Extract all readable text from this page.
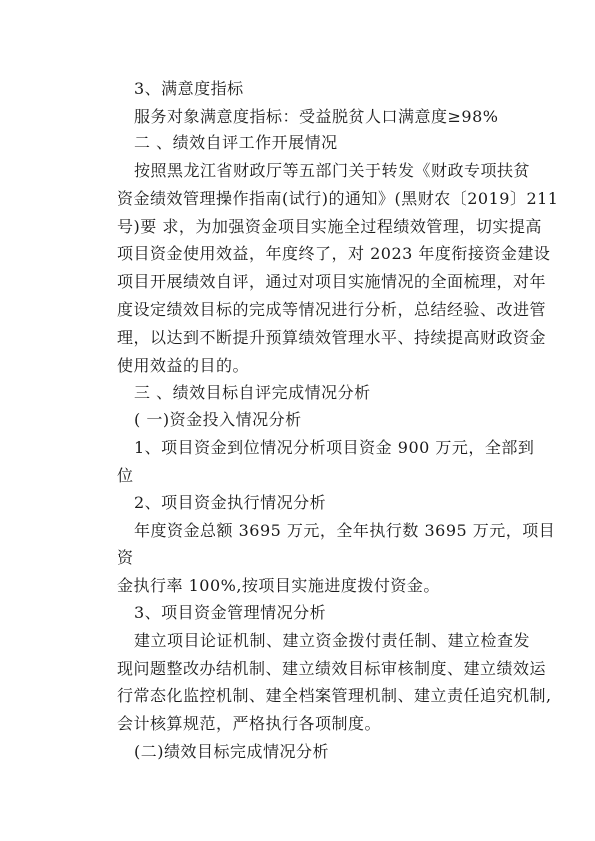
3、满意度指标
服务对象满意度指标：受益脱贫人口满意度≥98%
二 、绩效自评工作开展情况
按照黑龙江省财政厅等五部门关于转发《财政专项扶贫
资金绩效管理操作指南(试行)的通知》(黑财农〔2019〕211
号)要 求，为加强资金项目实施全过程绩效管理，切实提高
项目资金使用效益，年度终了，对 2023 年度衔接资金建设
项目开展绩效自评，通过对项目实施情况的全面梳理，对年
度设定绩效目标的完成等情况进行分析，总结经验、改进管
理，以达到不断提升预算绩效管理水平、持续提高财政资金
使用效益的目的。
三 、绩效目标自评完成情况分析
( 一)资金投入情况分析
1、项目资金到位情况分析项目资金 900 万元，全部到
位
2、项目资金执行情况分析
年度资金总额 3695 万元，全年执行数 3695 万元，项目
资
金执行率 100%,按项目实施进度拨付资金。
3、项目资金管理情况分析
建立项目论证机制、建立资金拨付责任制、建立检查发
现问题整改办结机制、建立绩效目标审核制度、建立绩效运
行常态化监控机制、建全档案管理机制、建立责任追究机制,
会计核算规范，严格执行各项制度。
(二)绩效目标完成情况分析
